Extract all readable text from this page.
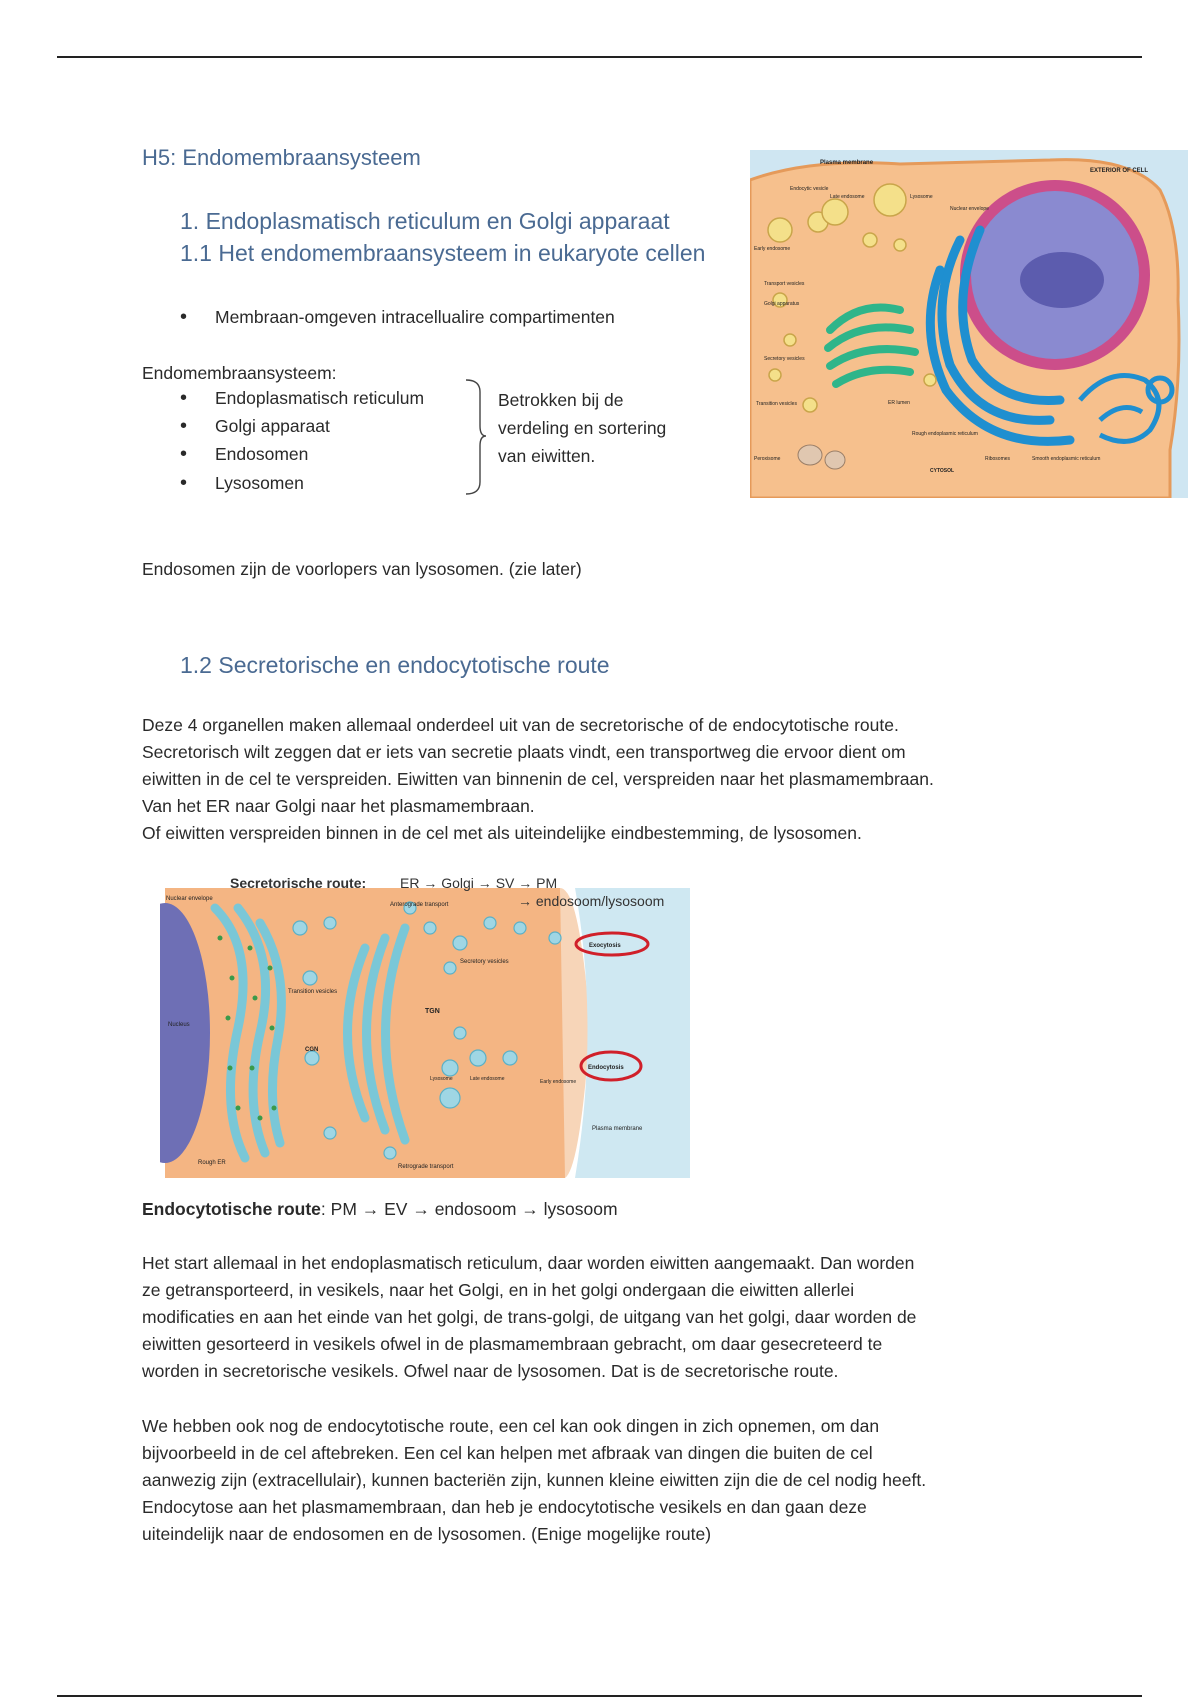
H5: Endomembraansysteem
1. Endoplasmatisch reticulum en Golgi apparaat
1.1 Het endomembraansysteem in eukaryote cellen
• Membraan-omgeven intracellualire compartimenten
Endomembraansysteem:
• Endoplasmatisch reticulum
• Golgi apparaat
• Endosomen
• Lysosomen
Betrokken bij de
verdeling en sortering
van eiwitten.
Plasma membrane
EXTERIOR OF CELL
Endocytic vesicle
Late endosome	Lysosome
Nuclear envelope
Early endosome
Transport vesicles
Golgi apparatus
Secretory vesicles
Transition vesicles	ER lumen
Peroxisome
Rough endoplasmic reticulum
Ribosomes
CYTOSOL
Smooth endoplasmic reticulum
Endosomen zijn de voorlopers van lysosomen. (zie later)
1.2 Secretorische en endocytotische route

Deze 4 organellen maken allemaal onderdeel uit van de secretorische of de endocytotische route.

Secretorisch wilt zeggen dat er iets van secretie plaats vindt, een transportweg die ervoor dient om

eiwitten in de cel te verspreiden. Eiwitten van binnenin de cel, verspreiden naar het plasmamembraan.

Van het ER naar Golgi naar het plasmamembraan.

Of eiwitten verspreiden binnen in de cel met als uiteindelijke eindbestemming, de lysosomen.

Secretorische route: ER → Golgi → SV → PM
→ endosoom/lysosoom
Nuclear envelope
Anterograde transport
Exocytosis
Secretory vesicles
Transition vesicles
Nucleus
TGN
CGN
Endocytosis
Lysosome	Late endosome	Early endosome
Plasma membrane
Rough ER
Retrograde transport
Endocytotische route: PM → EV → endosoom → lysosoom

Het start allemaal in het endoplasmatisch reticulum, daar worden eiwitten aangemaakt. Dan worden

ze getransporteerd, in vesikels, naar het Golgi, en in het golgi ondergaan die eiwitten allerlei

modificaties en aan het einde van het golgi, de trans-golgi, de uitgang van het golgi, daar worden de

eiwitten gesorteerd in vesikels ofwel in de plasmamembraan gebracht, om daar gesecreteerd te

worden in secretorische vesikels. Ofwel naar de lysosomen. Dat is de secretorische route.

We hebben ook nog de endocytotische route, een cel kan ook dingen in zich opnemen, om dan

bijvoorbeeld in de cel aftebreken. Een cel kan helpen met afbraak van dingen die buiten de cel

aanwezig zijn (extracellulair), kunnen bacteriën zijn, kunnen kleine eiwitten zijn die de cel nodig heeft.

Endocytose aan het plasmamembraan, dan heb je endocytotische vesikels en dan gaan deze

uiteindelijk naar de endosomen en de lysosomen. (Enige mogelijke route)
